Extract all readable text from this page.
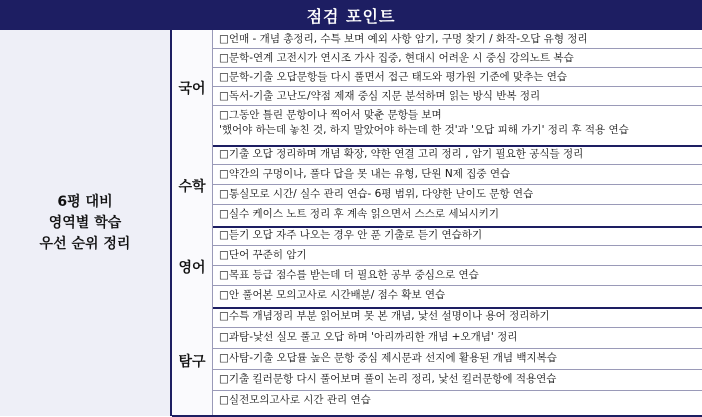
점검 포인트
6평 대비
영역별 학습
우선 순위 정리
국어
□언매 - 개념 총정리, 수특 보며 예외 사항 암기, 구멍 찾기 / 화작-오답 유형 정리
□문학-연계 고전시가 연시조 가사 집중, 현대시 어려운 시 중심 강의노트 복습
□문학-기출 오답문항들 다시 풀면서 접근 태도와 평가원 기준에 맞추는 연습
□독서-기출 고난도/약점 제재 중심 지문 분석하며 읽는 방식 반복 정리
□그동안 틀린 문항이나 찍어서 맞춘 문항들 보며
'했어야 하는데 놓친 것, 하지 말았어야 하는데 한 것'과 '오답 피해 가기' 정리 후 적용 연습
수학
□기출 오답 정리하며 개념 확장, 약한 연결 고리 정리 , 암기 필요한 공식들 정리
□약간의 구멍이나, 풀다 답을 못 내는 유형, 단원 N제 집중 연습
□통실모로 시간/ 실수 관리 연습- 6평 범위, 다양한 난이도 문항 연습
□실수 케이스 노트 정리 후 계속 읽으면서 스스로 세뇌시키기
영어
□듣기 오답 자주 나오는 경우 안 푼 기출로 듣기 연습하기
□단어 꾸준히 암기
□목표 등급 점수를 받는데 더 필요한 공부 중심으로 연습
□안 풀어본 모의고사로 시간배분/ 점수 확보 연습
탐구
□수특 개념정리 부분 읽어보며 못 본 개념, 낯선 설명이나 용어 정리하기
□과탐-낯선 실모 풀고 오답 하며 '아리까리한 개념 +오개념' 정리
□사탐-기출 오답률 높은 문항 중심 제시문과 선지에 활용된 개념 백지복습
□기출 킬러문항 다시 풀어보며 풀이 논리 정리, 낯선 킬러문항에 적용연습
□실전모의고사로 시간 관리 연습
